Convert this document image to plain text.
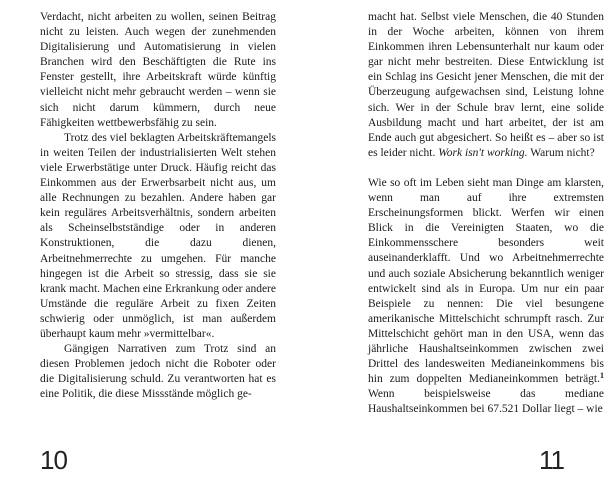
Verdacht, nicht arbeiten zu wollen, seinen Beitrag nicht zu leisten. Auch wegen der zunehmenden Digitalisierung und Automatisierung in vielen Branchen wird den Beschäftigten die Rute ins Fenster gestellt, ihre Arbeitskraft würde künftig vielleicht nicht mehr gebraucht werden – wenn sie sich nicht darum kümmern, durch neue Fähigkeiten wettbewerbsfähig zu sein.

Trotz des viel beklagten Arbeitskräftemangels in weiten Teilen der industrialisierten Welt stehen viele Erwerbstätige unter Druck. Häufig reicht das Einkommen aus der Erwerbsarbeit nicht aus, um alle Rechnungen zu bezahlen. Andere haben gar kein reguläres Arbeitsverhältnis, sondern arbeiten als Scheinselbstständige oder in anderen Konstruktionen, die dazu dienen, Arbeitnehmerrechte zu umgehen. Für manche hingegen ist die Arbeit so stressig, dass sie sie krank macht. Machen eine Erkrankung oder andere Umstände die reguläre Arbeit zu fixen Zeiten schwierig oder unmöglich, ist man außerdem überhaupt kaum mehr »vermittelbar«.

Gängigen Narrativen zum Trotz sind an diesen Problemen jedoch nicht die Roboter oder die Digitalisierung schuld. Zu verantworten hat es eine Politik, die diese Missstände möglich ge-

10

macht hat. Selbst viele Menschen, die 40 Stunden in der Woche arbeiten, können von ihrem Einkommen ihren Lebensunterhalt nur kaum oder gar nicht mehr bestreiten. Diese Entwicklung ist ein Schlag ins Gesicht jener Menschen, die mit der Überzeugung aufgewachsen sind, Leistung lohne sich. Wer in der Schule brav lernt, eine solide Ausbildung macht und hart arbeitet, der ist am Ende auch gut abgesichert. So heißt es – aber so ist es leider nicht. Work isn't working. Warum nicht?

Wie so oft im Leben sieht man Dinge am klarsten, wenn man auf ihre extremsten Erscheinungsformen blickt. Werfen wir einen Blick in die Vereinigten Staaten, wo die Einkommensschere besonders weit auseinanderklafft. Und wo Arbeitnehmerrechte und auch soziale Absicherung bekanntlich weniger entwickelt sind als in Europa. Um nur ein paar Beispiele zu nennen: Die viel besungene amerikanische Mittelschicht schrumpft rasch. Zur Mittelschicht gehört man in den USA, wenn das jährliche Haushaltseinkommen zwischen zwei Drittel des landesweiten Medianeinkommens bis hin zum doppelten Medianeinkommen beträgt.$^1$ Wenn beispielsweise das mediane Haushaltseinkommen bei 67.521 Dollar liegt – wie

11
